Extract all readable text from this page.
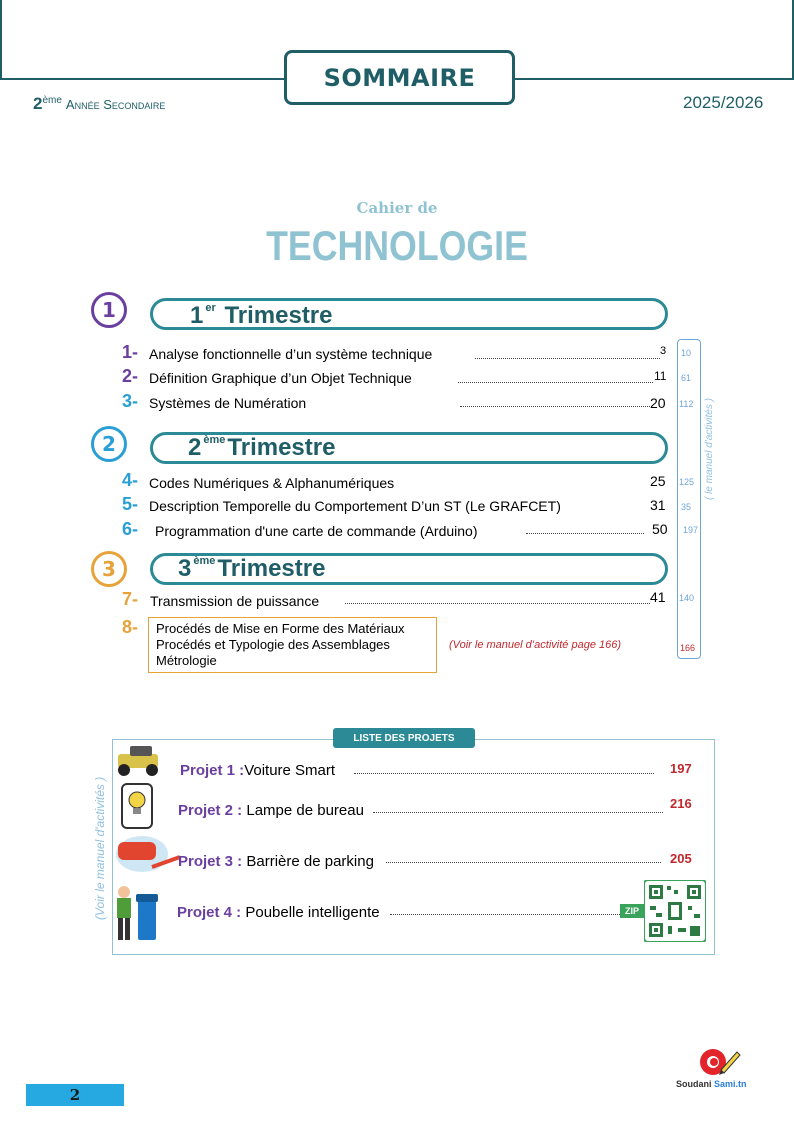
SOMMAIRE
2ème Année Secondaire	2025/2026
Cahier de
TECHNOLOGIE
1	1 $^{er}$ Trimestre
1- Analyse fonctionnelle d’un système technique	3 10
2- Définition Graphique d’un Objet Technique	11 61
3- Systèmes de Numération	20 112
2	2 $^{ème}$Trimestre
4- Codes Numériques & Alphanumériques	25 125
5- Description Temporelle du Comportement D’un ST (Le GRAFCET)	31 35
6- Programmation d'une carte de commande (Arduino)	50 197
3	3 $^{ème}$Trimestre
7- Transmission de puissance	41 140
8- Procédés de Mise en Forme des Matériaux
Procédés et Typologie des Assemblages
Métrologie
(Voir le manuel d’activité page 166)	166
( le manuel d'activités )
LISTE DES PROJETS
(Voir le manuel d'activités )
Projet 1 :Voiture Smart	197
Projet 2 : Lampe de bureau	216
Projet 3 : Barrière de parking	205
Projet 4 : Poubelle intelligente	ZIP
2
Soudani Sami.tn
